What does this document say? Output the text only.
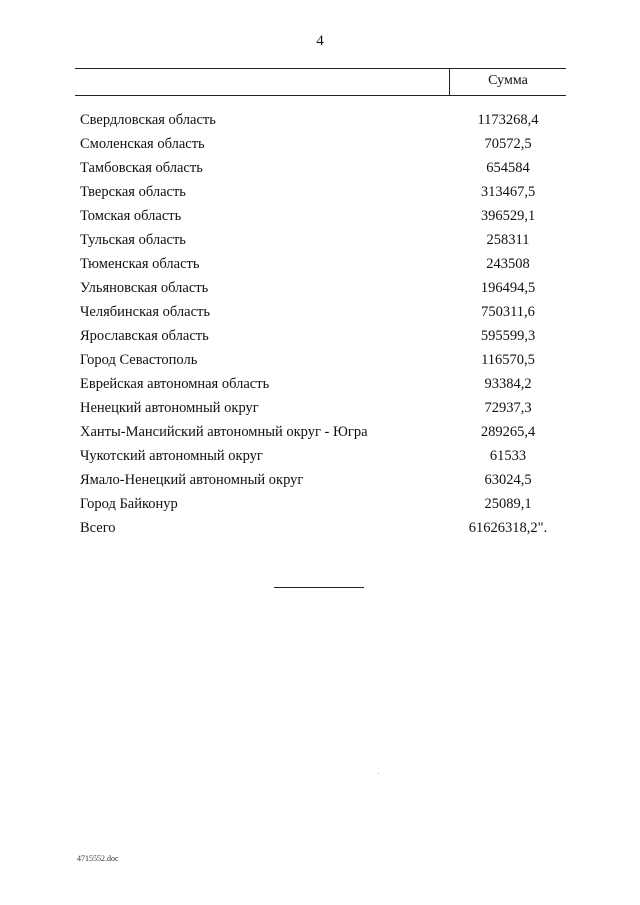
4
Сумма
Свердловская область	1173268,4
Смоленская область	70572,5
Тамбовская область	654584
Тверская область	313467,5
Томская область	396529,1
Тульская область	258311
Тюменская область	243508
Ульяновская область	196494,5
Челябинская область	750311,6
Ярославская область	595599,3
Город Севастополь	116570,5
Еврейская автономная область	93384,2
Ненецкий автономный округ	72937,3
Ханты-Мансийский автономный округ - Югра	289265,4
Чукотский автономный округ	61533
Ямало-Ненецкий автономный округ	63024,5
Город Байконур	25089,1
Всего	61626318,2".
4715552.doc
